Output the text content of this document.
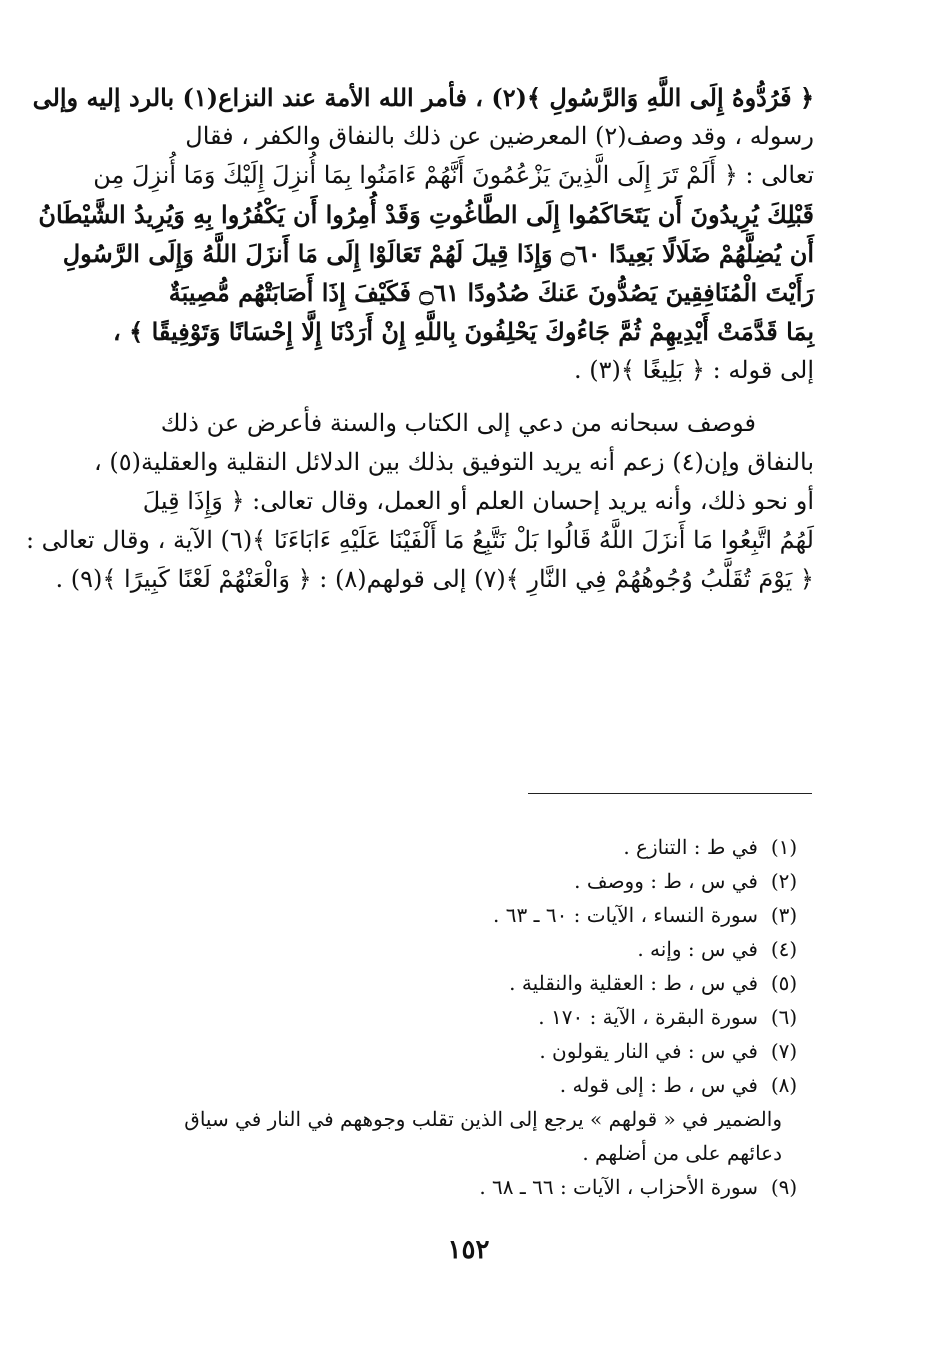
﴿ فَرُدُّوهُ إِلَى اللَّهِ وَالرَّسُولِ ﴾(٢) ، فأمر الله الأمة عند النزاع(١) بالرد إليه وإلى
رسوله ، وقد وصف(٢) المعرضين عن ذلك بالنفاق والكفر ، فقال
تعالى : ﴿ أَلَمْ تَرَ إِلَى الَّذِينَ يَزْعُمُونَ أَنَّهُمْ ءَامَنُوا بِمَا أُنزِلَ إِلَيْكَ وَمَا أُنزِلَ مِن
قَبْلِكَ يُرِيدُونَ أَن يَتَحَاكَمُوا إِلَى الطَّاغُوتِ وَقَدْ أُمِرُوا أَن يَكْفُرُوا بِهِ وَيُرِيدُ الشَّيْطَانُ
أَن يُضِلَّهُمْ ضَلَالًا بَعِيدًا ۝٦٠ وَإِذَا قِيلَ لَهُمْ تَعَالَوْا إِلَى مَا أَنزَلَ اللَّهُ وَإِلَى الرَّسُولِ
رَأَيْتَ الْمُنَافِقِينَ يَصُدُّونَ عَنكَ صُدُودًا ۝٦١ فَكَيْفَ إِذَا أَصَابَتْهُم مُّصِيبَةٌ
بِمَا قَدَّمَتْ أَيْدِيهِمْ ثُمَّ جَاءُوكَ يَحْلِفُونَ بِاللَّهِ إِنْ أَرَدْنَا إِلَّا إِحْسَانًا وَتَوْفِيقًا ﴾ ،
إلى قوله : ﴿ بَلِيغًا ﴾(٣) .
فوصف سبحانه من دعي إلى الكتاب والسنة فأعرض عن ذلك
بالنفاق وإن(٤) زعم أنه يريد التوفيق بذلك بين الدلائل النقلية والعقلية(٥) ،
أو نحو ذلك، وأنه يريد إحسان العلم أو العمل، وقال تعالى: ﴿ وَإِذَا قِيلَ
لَهُمُ اتَّبِعُوا مَا أَنزَلَ اللَّهُ قَالُوا بَلْ نَتَّبِعُ مَا أَلْفَيْنَا عَلَيْهِ ءَابَاءَنَا ﴾(٦) الآية ، وقال تعالى :
﴿ يَوْمَ تُقَلَّبُ وُجُوهُهُمْ فِي النَّارِ ﴾(٧) إلى قولهم(٨) : ﴿ وَالْعَنْهُمْ لَعْنًا كَبِيرًا ﴾(٩) .
(١)
في ط : التنازع .
(٢)
في س ، ط : ووصف .
(٣)
سورة النساء ، الآيات : ٦٠ ـ ٦٣ .
(٤)
في س : وإنه .
(٥)
في س ، ط : العقلية والنقلية .
(٦)
سورة البقرة ، الآية : ١٧٠ .
(٧)
في س : في النار يقولون .
(٨)
في س ، ط : إلى قوله .
والضمير في « قولهم » يرجع إلى الذين تقلب وجوههم في النار في سياق
دعائهم على من أضلهم .
(٩)
سورة الأحزاب ، الآيات : ٦٦ ـ ٦٨ .
١٥٢
